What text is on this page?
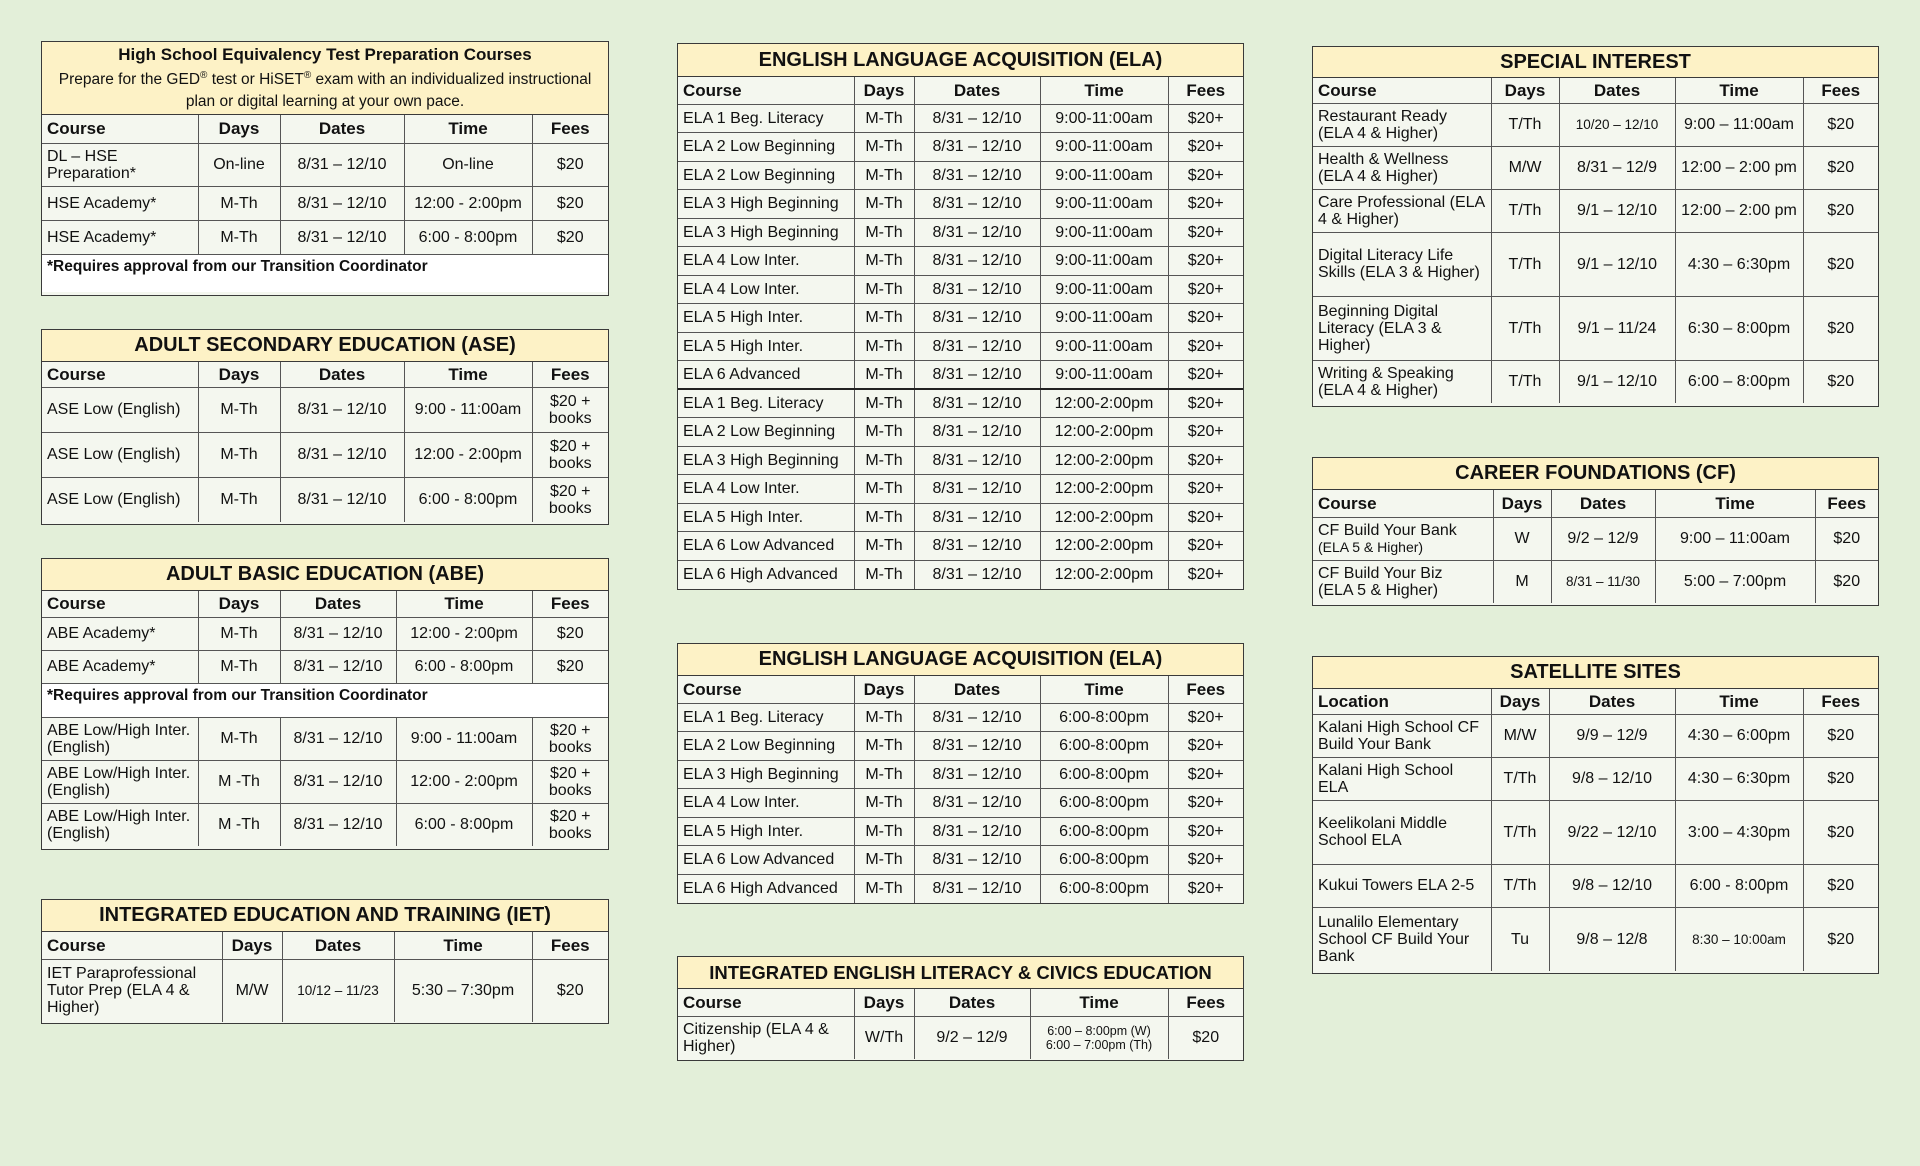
High School Equivalency Test Preparation Courses
Prepare for the GED® test or HiSET® exam with an individualized instructional plan or digital learning at your own pace.
Course	Days	Dates	Time	Fees
DL – HSE Preparation*	On-line	8/31 – 12/10	On-line	$20
HSE Academy*	M-Th	8/31 – 12/10	12:00 - 2:00pm	$20
HSE Academy*	M-Th	8/31 – 12/10	6:00 - 8:00pm	$20
*Requires approval from our Transition Coordinator				
ADULT SECONDARY EDUCATION (ASE)
Course	Days	Dates	Time	Fees
ASE Low (English)	M-Th	8/31 – 12/10	9:00 - 11:00am	$20 + books
ASE Low (English)	M-Th	8/31 – 12/10	12:00 - 2:00pm	$20 + books
ASE Low (English)	M-Th	8/31 – 12/10	6:00 - 8:00pm	$20 + books
ADULT BASIC EDUCATION (ABE)
Course	Days	Dates	Time	Fees
ABE Academy*	M-Th	8/31 – 12/10	12:00 - 2:00pm	$20
ABE Academy*	M-Th	8/31 – 12/10	6:00 - 8:00pm	$20
*Requires approval from our Transition Coordinator				
ABE Low/High Inter. (English)	M-Th	8/31 – 12/10	9:00 - 11:00am	$20 + books
ABE Low/High Inter. (English)	M -Th	8/31 – 12/10	12:00 - 2:00pm	$20 + books
ABE Low/High Inter. (English)	M -Th	8/31 – 12/10	6:00 - 8:00pm	$20 + books
INTEGRATED EDUCATION AND TRAINING (IET)
Course	Days	Dates	Time	Fees
IET Paraprofessional Tutor Prep (ELA 4 & Higher)	M/W	10/12 – 11/23	5:30 – 7:30pm	$20
ENGLISH LANGUAGE ACQUISITION (ELA)
Course	Days	Dates	Time	Fees
ELA 1 Beg. Literacy	M-Th	8/31 – 12/10	9:00-11:00am	$20+
ELA 2 Low Beginning	M-Th	8/31 – 12/10	9:00-11:00am	$20+
ELA 2 Low Beginning	M-Th	8/31 – 12/10	9:00-11:00am	$20+
ELA 3 High Beginning	M-Th	8/31 – 12/10	9:00-11:00am	$20+
ELA 3 High Beginning	M-Th	8/31 – 12/10	9:00-11:00am	$20+
ELA 4 Low Inter.	M-Th	8/31 – 12/10	9:00-11:00am	$20+
ELA 4 Low Inter.	M-Th	8/31 – 12/10	9:00-11:00am	$20+
ELA 5 High Inter.	M-Th	8/31 – 12/10	9:00-11:00am	$20+
ELA 5 High Inter.	M-Th	8/31 – 12/10	9:00-11:00am	$20+
ELA 6 Advanced	M-Th	8/31 – 12/10	9:00-11:00am	$20+
ELA 1 Beg. Literacy	M-Th	8/31 – 12/10	12:00-2:00pm	$20+
ELA 2 Low Beginning	M-Th	8/31 – 12/10	12:00-2:00pm	$20+
ELA 3 High Beginning	M-Th	8/31 – 12/10	12:00-2:00pm	$20+
ELA 4 Low Inter.	M-Th	8/31 – 12/10	12:00-2:00pm	$20+
ELA 5 High Inter.	M-Th	8/31 – 12/10	12:00-2:00pm	$20+
ELA 6 Low Advanced	M-Th	8/31 – 12/10	12:00-2:00pm	$20+
ELA 6 High Advanced	M-Th	8/31 – 12/10	12:00-2:00pm	$20+
ENGLISH LANGUAGE ACQUISITION (ELA)
Course	Days	Dates	Time	Fees
ELA 1 Beg. Literacy	M-Th	8/31 – 12/10	6:00-8:00pm	$20+
ELA 2 Low Beginning	M-Th	8/31 – 12/10	6:00-8:00pm	$20+
ELA 3 High Beginning	M-Th	8/31 – 12/10	6:00-8:00pm	$20+
ELA 4 Low Inter.	M-Th	8/31 – 12/10	6:00-8:00pm	$20+
ELA 5 High Inter.	M-Th	8/31 – 12/10	6:00-8:00pm	$20+
ELA 6 Low Advanced	M-Th	8/31 – 12/10	6:00-8:00pm	$20+
ELA 6 High Advanced	M-Th	8/31 – 12/10	6:00-8:00pm	$20+
INTEGRATED ENGLISH LITERACY & CIVICS EDUCATION
Course	Days	Dates	Time	Fees
Citizenship (ELA 4 & Higher)	W/Th	9/2 – 12/9	6:00 – 8:00pm (W)
6:00 – 7:00pm (Th)	$20
SPECIAL INTEREST
Course	Days	Dates	Time	Fees
Restaurant Ready (ELA 4 & Higher)	T/Th	10/20 – 12/10	9:00 – 11:00am	$20
Health & Wellness (ELA 4 & Higher)	M/W	8/31 – 12/9	12:00 – 2:00 pm	$20
Care Professional (ELA 4 & Higher)	T/Th	9/1 – 12/10	12:00 – 2:00 pm	$20
Digital Literacy Life Skills (ELA 3 & Higher)	T/Th	9/1 – 12/10	4:30 – 6:30pm	$20
Beginning Digital Literacy (ELA 3 & Higher)	T/Th	9/1 – 11/24	6:30 – 8:00pm	$20
Writing & Speaking (ELA 4 & Higher)	T/Th	9/1 – 12/10	6:00 – 8:00pm	$20
CAREER FOUNDATIONS (CF)
Course	Days	Dates	Time	Fees

CF Build Your Bank
(ELA 5 & Higher)	W	9/2 – 12/9	9:00 – 11:00am	$20

CF Build Your Biz
(ELA 5 & Higher)	M	8/31 – 11/30	5:00 – 7:00pm	$20
SATELLITE SITES
Location	Days	Dates	Time	Fees
Kalani High School CF Build Your Bank	M/W	9/9 – 12/9	4:30 – 6:00pm	$20
Kalani High School ELA	T/Th	9/8 – 12/10	4:30 – 6:30pm	$20
Keelikolani Middle School ELA	T/Th	9/22 – 12/10	3:00 – 4:30pm	$20
Kukui Towers ELA 2-5	T/Th	9/8 – 12/10	6:00 - 8:00pm	$20
Lunalilo Elementary School CF Build Your Bank	Tu	9/8 – 12/8	8:30 – 10:00am	$20
